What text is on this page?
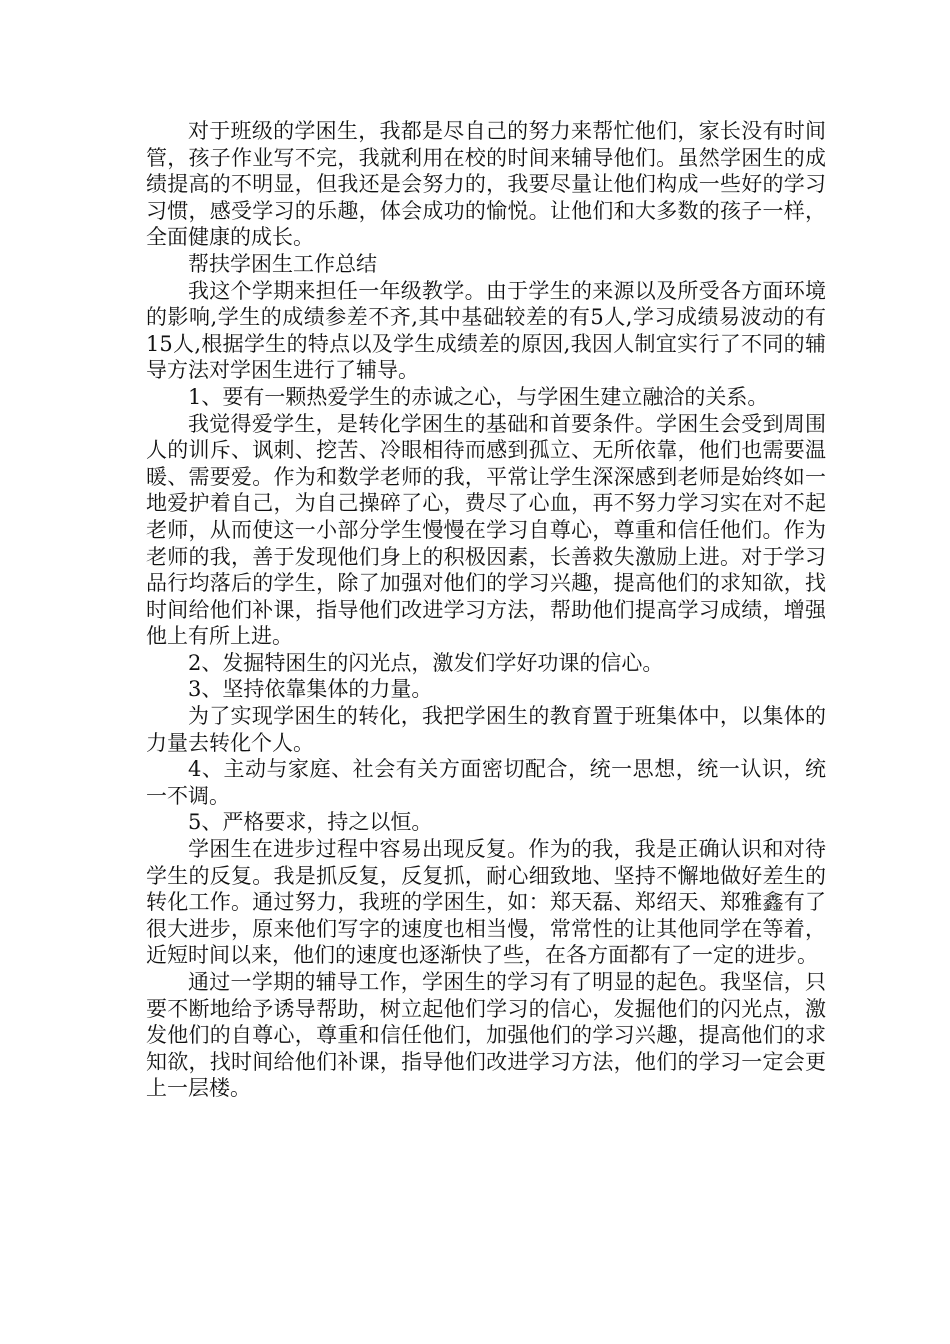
对于班级的学困生，我都是尽自己的努力来帮忙他们，家长没有时间管，孩子作业写不完，我就利用在校的时间来辅导他们。虽然学困生的成绩提高的不明显，但我还是会努力的，我要尽量让他们构成一些好的学习习惯，感受学习的乐趣，体会成功的愉悦。让他们和大多数的孩子一样，全面健康的成长。

帮扶学困生工作总结

我这个学期来担任一年级教学。由于学生的来源以及所受各方面环境的影响,学生的成绩参差不齐,其中基础较差的有5人,学习成绩易波动的有15人,根据学生的特点以及学生成绩差的原因,我因人制宜实行了不同的辅导方法对学困生进行了辅导。

1、要有一颗热爱学生的赤诚之心，与学困生建立融洽的关系。

我觉得爱学生，是转化学困生的基础和首要条件。学困生会受到周围人的训斥、讽刺、挖苦、冷眼相待而感到孤立、无所依靠，他们也需要温暖、需要爱。作为和数学老师的我，平常让学生深深感到老师是始终如一地爱护着自己，为自己操碎了心，费尽了心血，再不努力学习实在对不起老师，从而使这一小部分学生慢慢在学习自尊心，尊重和信任他们。作为老师的我，善于发现他们身上的积极因素，长善救失激励上进。对于学习品行均落后的学生，除了加强对他们的学习兴趣，提高他们的求知欲，找时间给他们补课，指导他们改进学习方法，帮助他们提高学习成绩，增强他上有所上进。

2、发掘特困生的闪光点，激发们学好功课的信心。

3、坚持依靠集体的力量。

为了实现学困生的转化，我把学困生的教育置于班集体中，以集体的力量去转化个人。

4、主动与家庭、社会有关方面密切配合，统一思想，统一认识，统一不调。

5、严格要求，持之以恒。

学困生在进步过程中容易出现反复。作为的我，我是正确认识和对待学生的反复。我是抓反复，反复抓，耐心细致地、坚持不懈地做好差生的转化工作。通过努力，我班的学困生，如：郑天磊、郑绍天、郑雅鑫有了很大进步，原来他们写字的速度也相当慢，常常性的让其他同学在等着，近短时间以来，他们的速度也逐渐快了些，在各方面都有了一定的进步。

通过一学期的辅导工作，学困生的学习有了明显的起色。我坚信，只要不断地给予诱导帮助，树立起他们学习的信心，发掘他们的闪光点，激发他们的自尊心，尊重和信任他们，加强他们的学习兴趣，提高他们的求知欲，找时间给他们补课，指导他们改进学习方法，他们的学习一定会更上一层楼。
